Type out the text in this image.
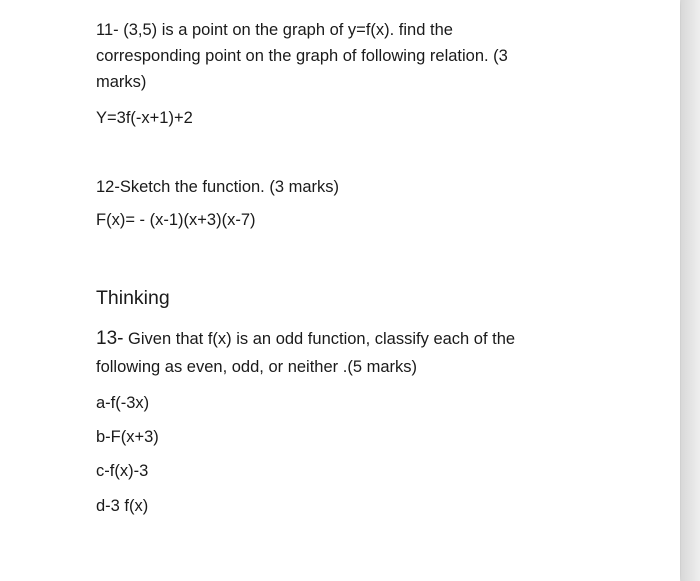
11- (3,5) is a point on the graph of y=f(x). find the
corresponding point on the graph of following relation. (3
marks)
Y=3f(-x+1)+2
12-Sketch the function. (3 marks)
F(x)= - (x-1)(x+3)(x-7)
Thinking
13- Given that f(x) is an odd function, classify each of the
following as even, odd, or neither .(5 marks)
a-f(-3x)
b-F(x+3)
c-f(x)-3
d-3 f(x)
